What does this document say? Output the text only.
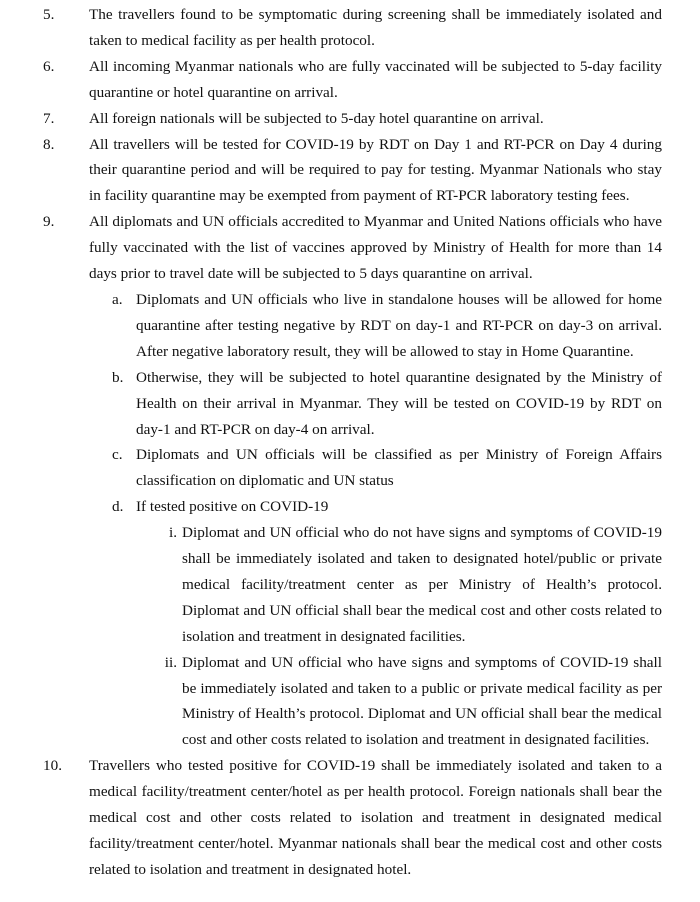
5. The travellers found to be symptomatic during screening shall be immediately isolated and taken to medical facility as per health protocol.
6. All incoming Myanmar nationals who are fully vaccinated will be subjected to 5-day facility quarantine or hotel quarantine on arrival.
7. All foreign nationals will be subjected to 5-day hotel quarantine on arrival.
8. All travellers will be tested for COVID-19 by RDT on Day 1 and RT-PCR on Day 4 during their quarantine period and will be required to pay for testing. Myanmar Nationals who stay in facility quarantine may be exempted from payment of RT-PCR laboratory testing fees.
9. All diplomats and UN officials accredited to Myanmar and United Nations officials who have fully vaccinated with the list of vaccines approved by Ministry of Health for more than 14 days prior to travel date will be subjected to 5 days quarantine on arrival.
a. Diplomats and UN officials who live in standalone houses will be allowed for home quarantine after testing negative by RDT on day-1 and RT-PCR on day-3 on arrival. After negative laboratory result, they will be allowed to stay in Home Quarantine.
b. Otherwise, they will be subjected to hotel quarantine designated by the Ministry of Health on their arrival in Myanmar. They will be tested on COVID-19 by RDT on day-1 and RT-PCR on day-4 on arrival.
c. Diplomats and UN officials will be classified as per Ministry of Foreign Affairs classification on diplomatic and UN status
d. If tested positive on COVID-19
i. Diplomat and UN official who do not have signs and symptoms of COVID-19 shall be immediately isolated and taken to designated hotel/public or private medical facility/treatment center as per Ministry of Health’s protocol. Diplomat and UN official shall bear the medical cost and other costs related to isolation and treatment in designated facilities.
ii. Diplomat and UN official who have signs and symptoms of COVID-19 shall be immediately isolated and taken to a public or private medical facility as per Ministry of Health’s protocol. Diplomat and UN official shall bear the medical cost and other costs related to isolation and treatment in designated facilities.
10. Travellers who tested positive for COVID-19 shall be immediately isolated and taken to a medical facility/treatment center/hotel as per health protocol. Foreign nationals shall bear the medical cost and other costs related to isolation and treatment in designated medical facility/treatment center/hotel. Myanmar nationals shall bear the medical cost and other costs related to isolation and treatment in designated hotel.
